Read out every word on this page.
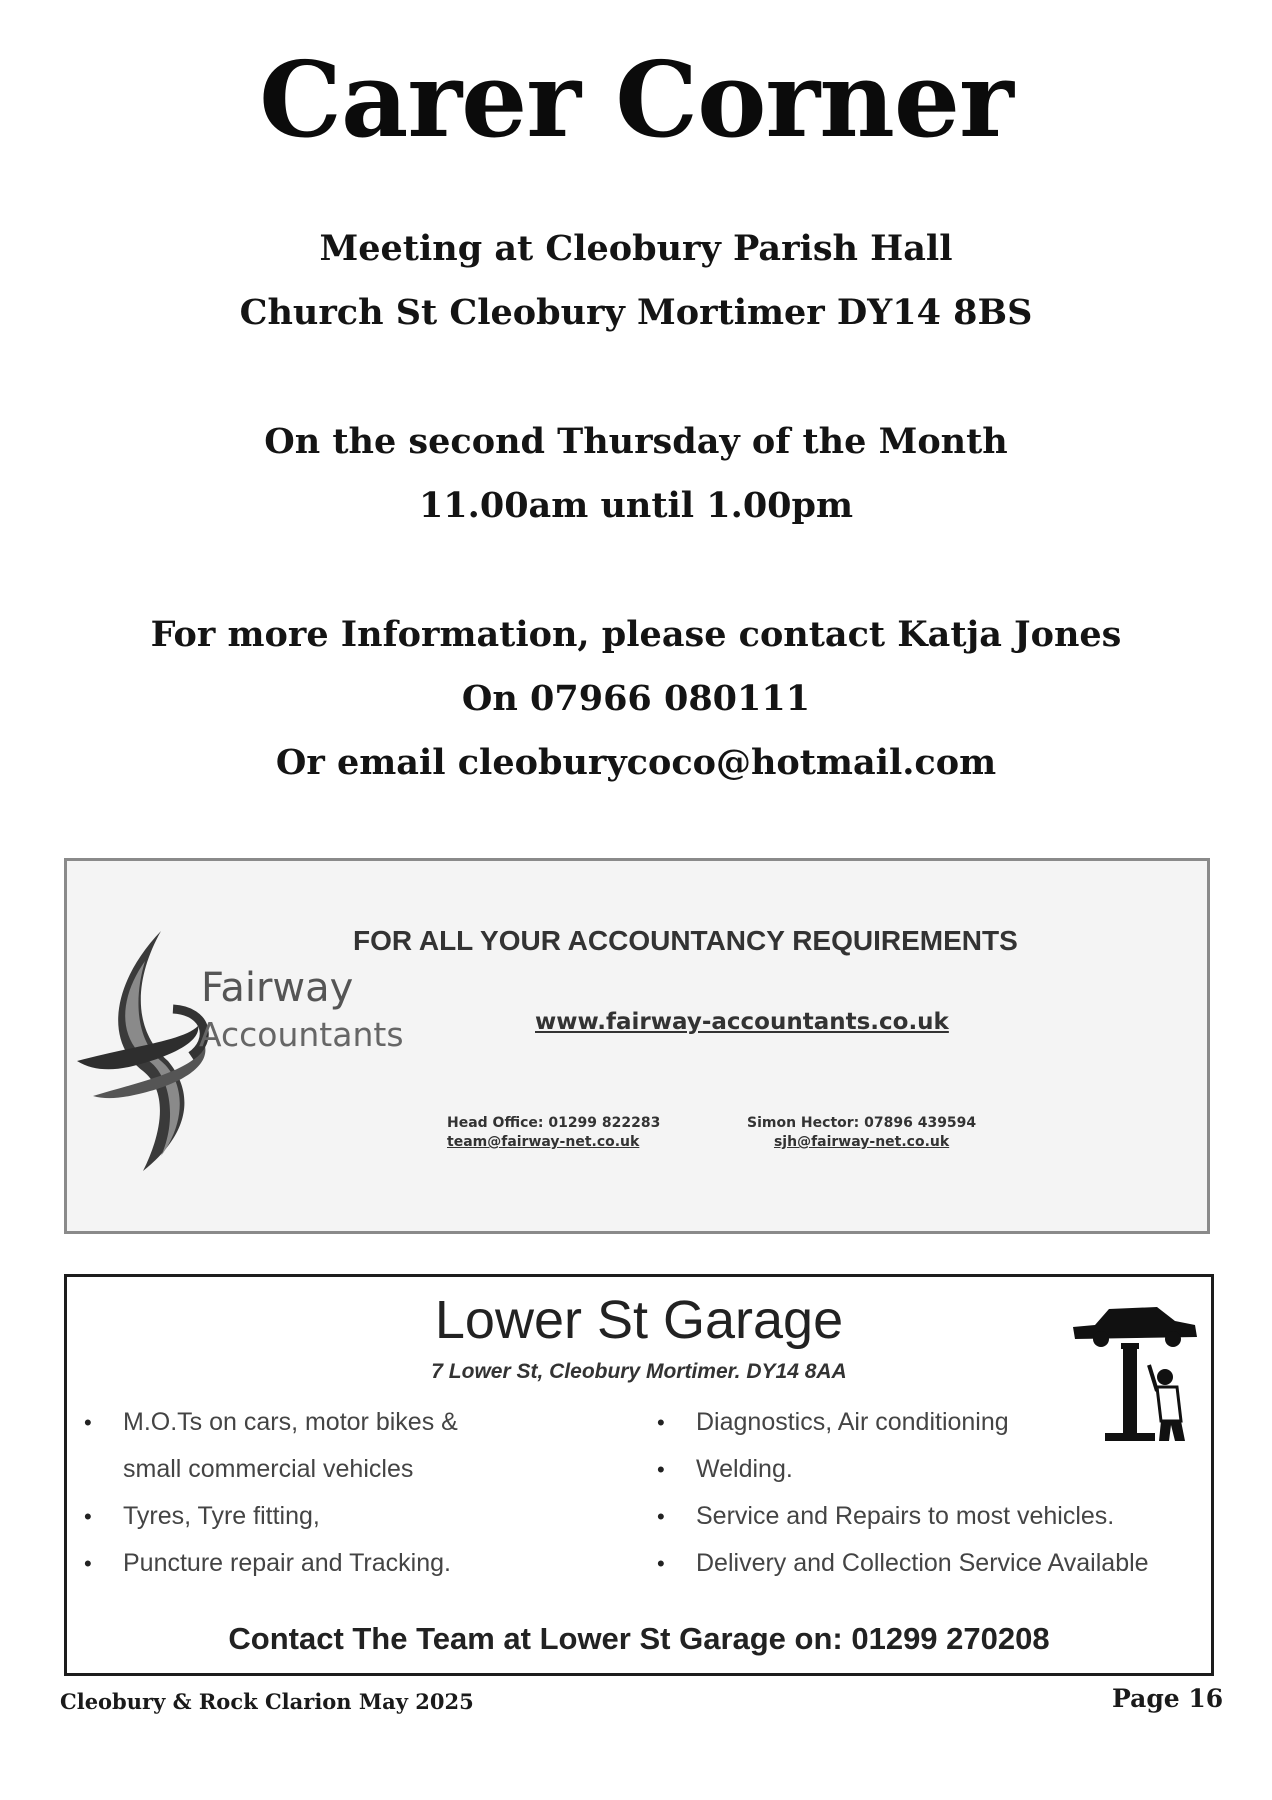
Carer Corner
Meeting at Cleobury Parish Hall
Church St Cleobury Mortimer DY14 8BS
On the second Thursday of the Month
11.00am until 1.00pm
For more Information, please contact Katja Jones
On 07966 080111
Or email cleoburycoco@hotmail.com
Fairway
Accountants
FOR ALL YOUR ACCOUNTANCY REQUIREMENTS
www.fairway-accountants.co.uk
Head Office: 01299 822283
team@fairway-net.co.uk
Simon Hector: 07896 439594
sjh@fairway-net.co.uk
Lower St Garage
7 Lower St, Cleobury Mortimer. DY14 8AA
• M.O.Ts on cars, motor bikes &
small commercial vehicles
• Tyres, Tyre fitting,
• Puncture repair and Tracking.
• Diagnostics, Air conditioning
• Welding.
• Service and Repairs to most vehicles.
• Delivery and Collection Service Available
Contact The Team at Lower St Garage on: 01299 270208
Cleobury & Rock Clarion May 2025	Page 16
